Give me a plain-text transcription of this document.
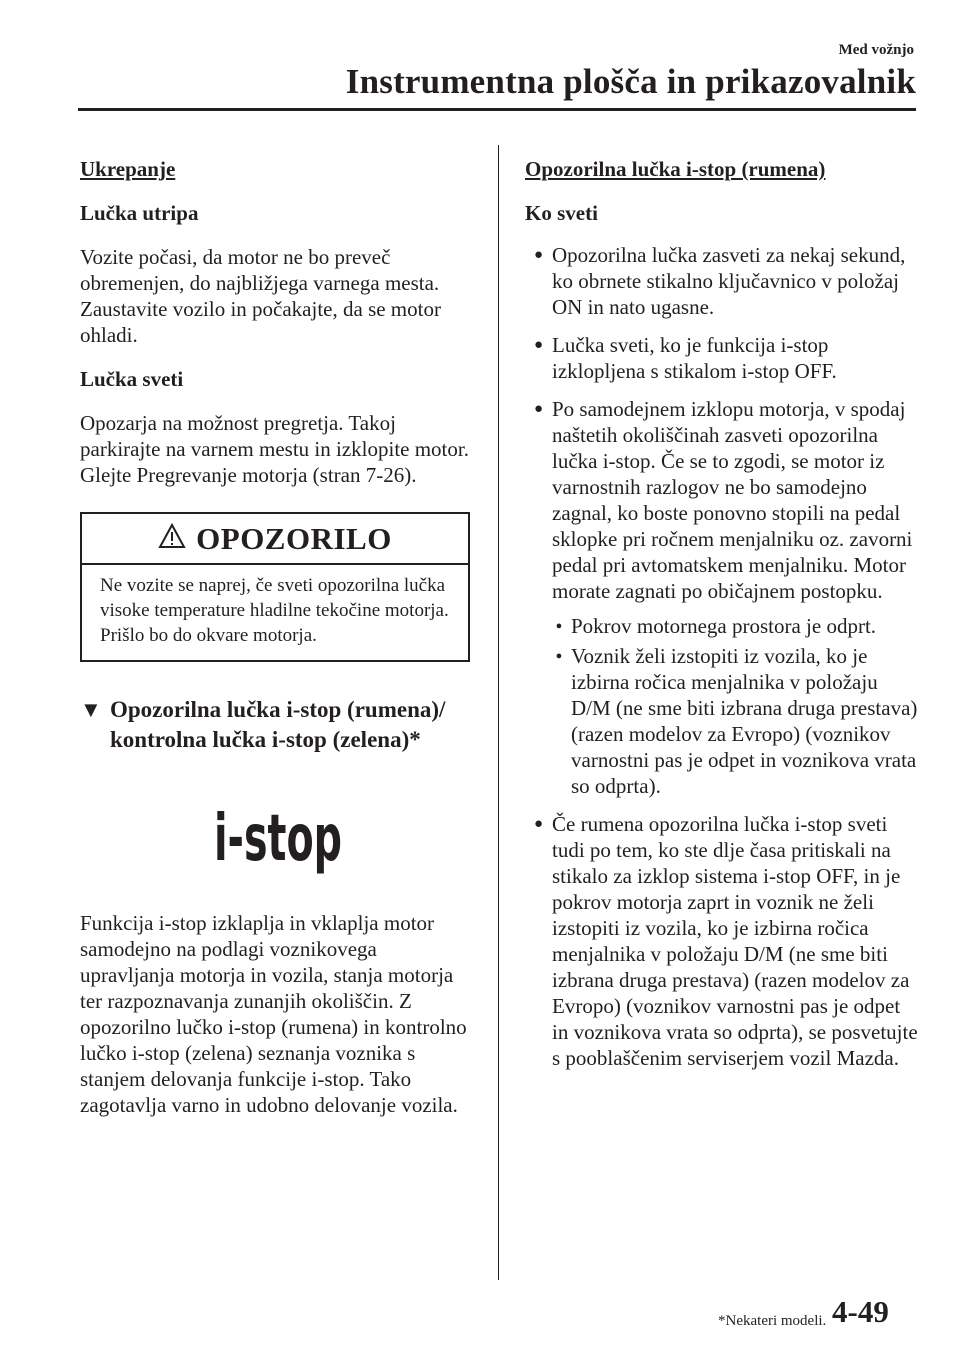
Med vožnjo
Instrumentna plošča in prikazovalnik
Ukrepanje
Lučka utripa
Vozite počasi, da motor ne bo preveč obremenjen, do najbližjega varnega mesta. Zaustavite vozilo in počakajte, da se motor ohladi.
Lučka sveti
Opozarja na možnost pregretja. Takoj parkirajte na varnem mestu in izklopite motor.
Glejte Pregrevanje motorja (stran 7-26).
OPOZORILO
Ne vozite se naprej, če sveti opozorilna lučka visoke temperature hladilne tekočine motorja. Prišlo bo do okvare motorja.
▼ Opozorilna lučka i-stop (rumena)/ kontrolna lučka i-stop (zelena)*
i-stop
Funkcija i-stop izklaplja in vklaplja motor samodejno na podlagi voznikovega upravljanja motorja in vozila, stanja motorja ter razpoznavanja zunanjih okoliščin. Z opozorilno lučko i-stop (rumena) in kontrolno lučko i-stop (zelena) seznanja voznika s stanjem delovanja funkcije i-stop. Tako zagotavlja varno in udobno delovanje vozila.
Opozorilna lučka i-stop (rumena)
Ko sveti
● Opozorilna lučka zasveti za nekaj sekund, ko obrnete stikalno ključavnico v položaj ON in nato ugasne.
● Lučka sveti, ko je funkcija i-stop izklopljena s stikalom i-stop OFF.
● Po samodejnem izklopu motorja, v spodaj naštetih okoliščinah zasveti opozorilna lučka i-stop. Če se to zgodi, se motor iz varnostnih razlogov ne bo samodejno zagnal, ko boste ponovno stopili na pedal sklopke pri ročnem menjalniku oz. zavorni pedal pri avtomatskem menjalniku. Motor morate zagnati po običajnem postopku.
● Pokrov motornega prostora je odprt.
● Voznik želi izstopiti iz vozila, ko je izbirna ročica menjalnika v položaju D/M (ne sme biti izbrana druga prestava) (razen modelov za Evropo) (voznikov varnostni pas je odpet in voznikova vrata so odprta).
● Če rumena opozorilna lučka i-stop sveti tudi po tem, ko ste dlje časa pritiskali na stikalo za izklop sistema i-stop OFF, in je pokrov motorja zaprt in voznik ne želi izstopiti iz vozila, ko je izbirna ročica menjalnika v položaju D/M (ne sme biti izbrana druga prestava) (razen modelov za Evropo) (voznikov varnostni pas je odpet in voznikova vrata so odprta), se posvetujte s pooblaščenim serviserjem vozil Mazda.
*Nekateri modeli. 4-49
